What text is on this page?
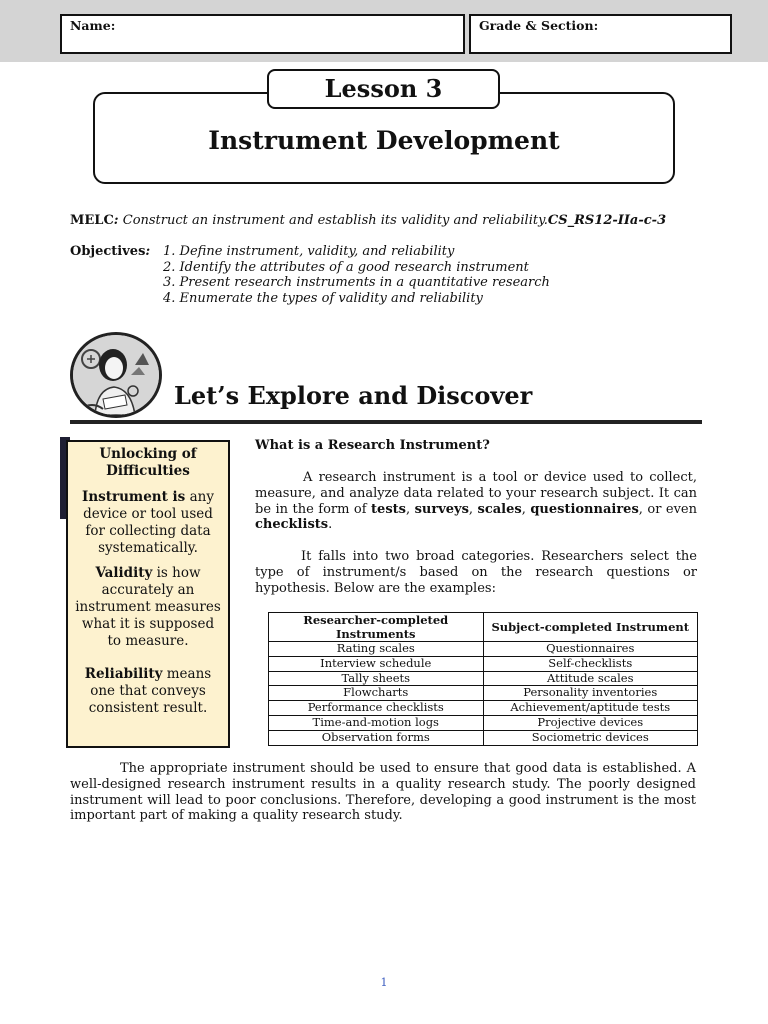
Name:	Grade & Section:
Lesson 3
Instrument Development
MELC: Construct an instrument and establish its validity and reliability.CS_RS12-IIa-c-3
Objectives: 1. Define instrument, validity, and reliability
2. Identify the attributes of a good research instrument
3. Present research instruments in a quantitative research
4. Enumerate the types of validity and reliability
Let’s Explore and Discover
Unlocking of Difficulties

Instrument is any device or tool used for collecting data systematically.

Validity is how accurately an instrument measures what it is supposed to measure.

Reliability means one that conveys consistent result.

What is a Research Instrument?
A research instrument is a tool or device used to collect, measure, and analyze data related to your research subject. It can be in the form of tests, surveys, scales, questionnaires, or even checklists.
It falls into two broad categories. Researchers select the type of instrument/s based on the research questions or hypothesis. Below are the examples:
Researcher-completed Instruments	Subject-completed Instrument
Rating scales	Questionnaires
Interview schedule	Self-checklists
Tally sheets	Attitude scales
Flowcharts	Personality inventories
Performance checklists	Achievement/aptitude tests
Time-and-motion logs	Projective devices
Observation forms	Sociometric devices
The appropriate instrument should be used to ensure that good data is established. A well-designed research instrument results in a quality research study. The poorly designed instrument will lead to poor conclusions. Therefore, developing a good instrument is the most important part of making a quality research study.
1
